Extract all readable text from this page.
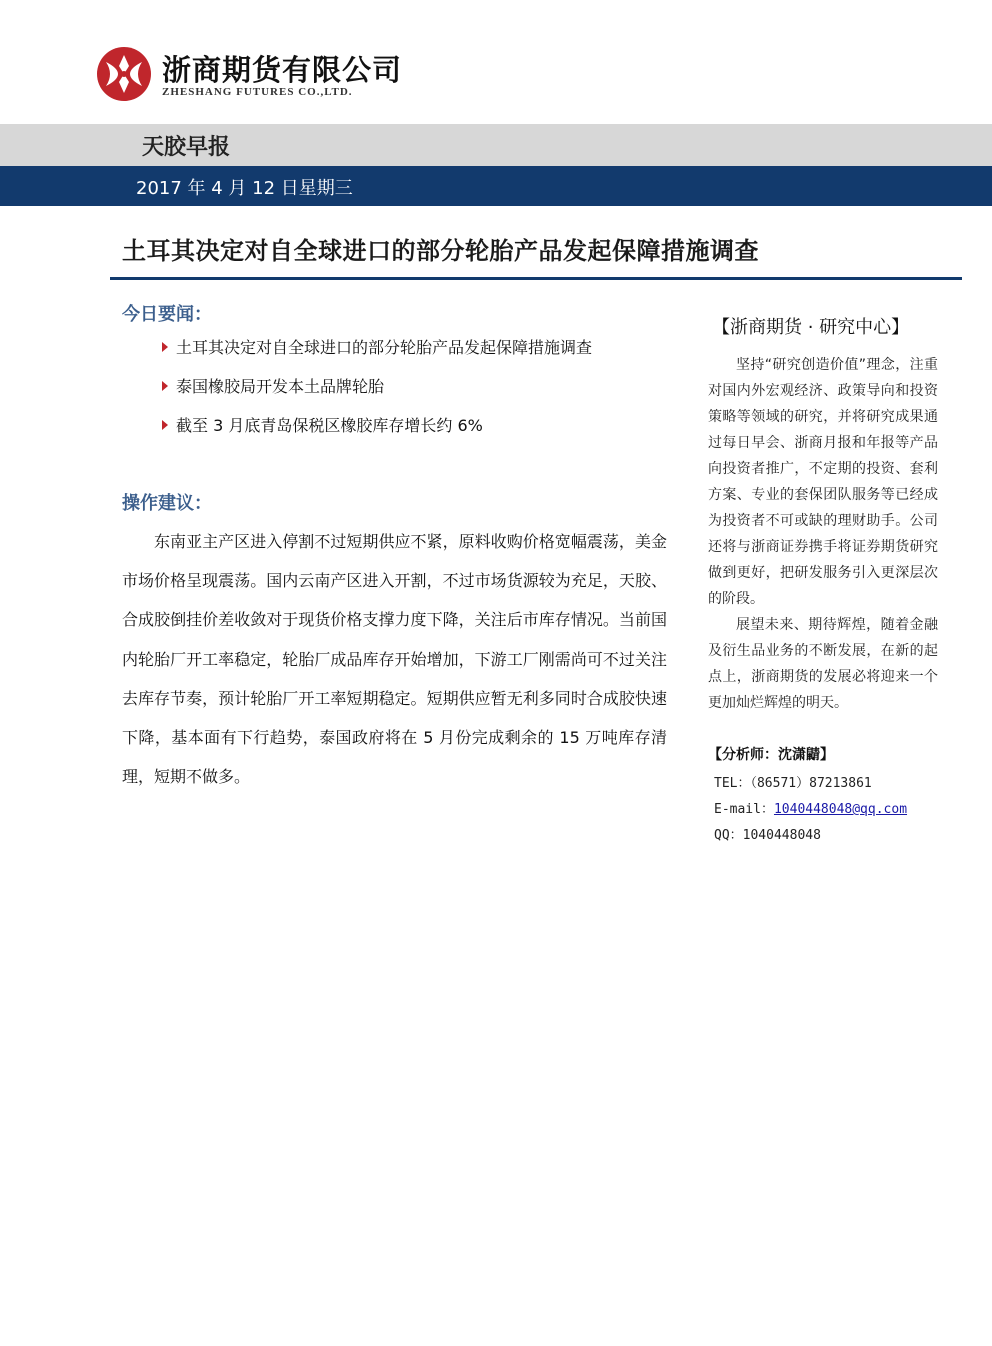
浙商期货有限公司
ZHESHANG FUTURES CO.,LTD.
天胶早报
2017 年 4 月 12 日星期三
土耳其决定对自全球进口的部分轮胎产品发起保障措施调查
今日要闻：
土耳其决定对自全球进口的部分轮胎产品发起保障措施调查
泰国橡胶局开发本土品牌轮胎
截至 3 月底青岛保税区橡胶库存增长约 6%
操作建议：

东南亚主产区进入停割不过短期供应不紧，原料收购价格宽幅震荡，美金市场价格呈现震荡。国内云南产区进入开割，不过市场货源较为充足，天胶、合成胶倒挂价差收敛对于现货价格支撑力度下降，关注后市库存情况。当前国内轮胎厂开工率稳定，轮胎厂成品库存开始增加，下游工厂刚需尚可不过关注去库存节奏，预计轮胎厂开工率短期稳定。短期供应暂无利多同时合成胶快速下降，基本面有下行趋势，泰国政府将在 5 月份完成剩余的 15 万吨库存清理，短期不做多。

【浙商期货 · 研究中心】

坚持“研究创造价值”理念，注重对国内外宏观经济、政策导向和投资策略等领域的研究，并将研究成果通过每日早会、浙商月报和年报等产品向投资者推广，不定期的投资、套利方案、专业的套保团队服务等已经成为投资者不可或缺的理财助手。公司还将与浙商证券携手将证券期货研究做到更好，把研发服务引入更深层次的阶段。

展望未来、期待辉煌，随着金融及衍生品业务的不断发展，在新的起点上，浙商期货的发展必将迎来一个更加灿烂辉煌的明天。

【分析师：沈潇鼱】
TEL：（86571）87213861
E-mail：1040448048@qq.com
QQ：1040448048
